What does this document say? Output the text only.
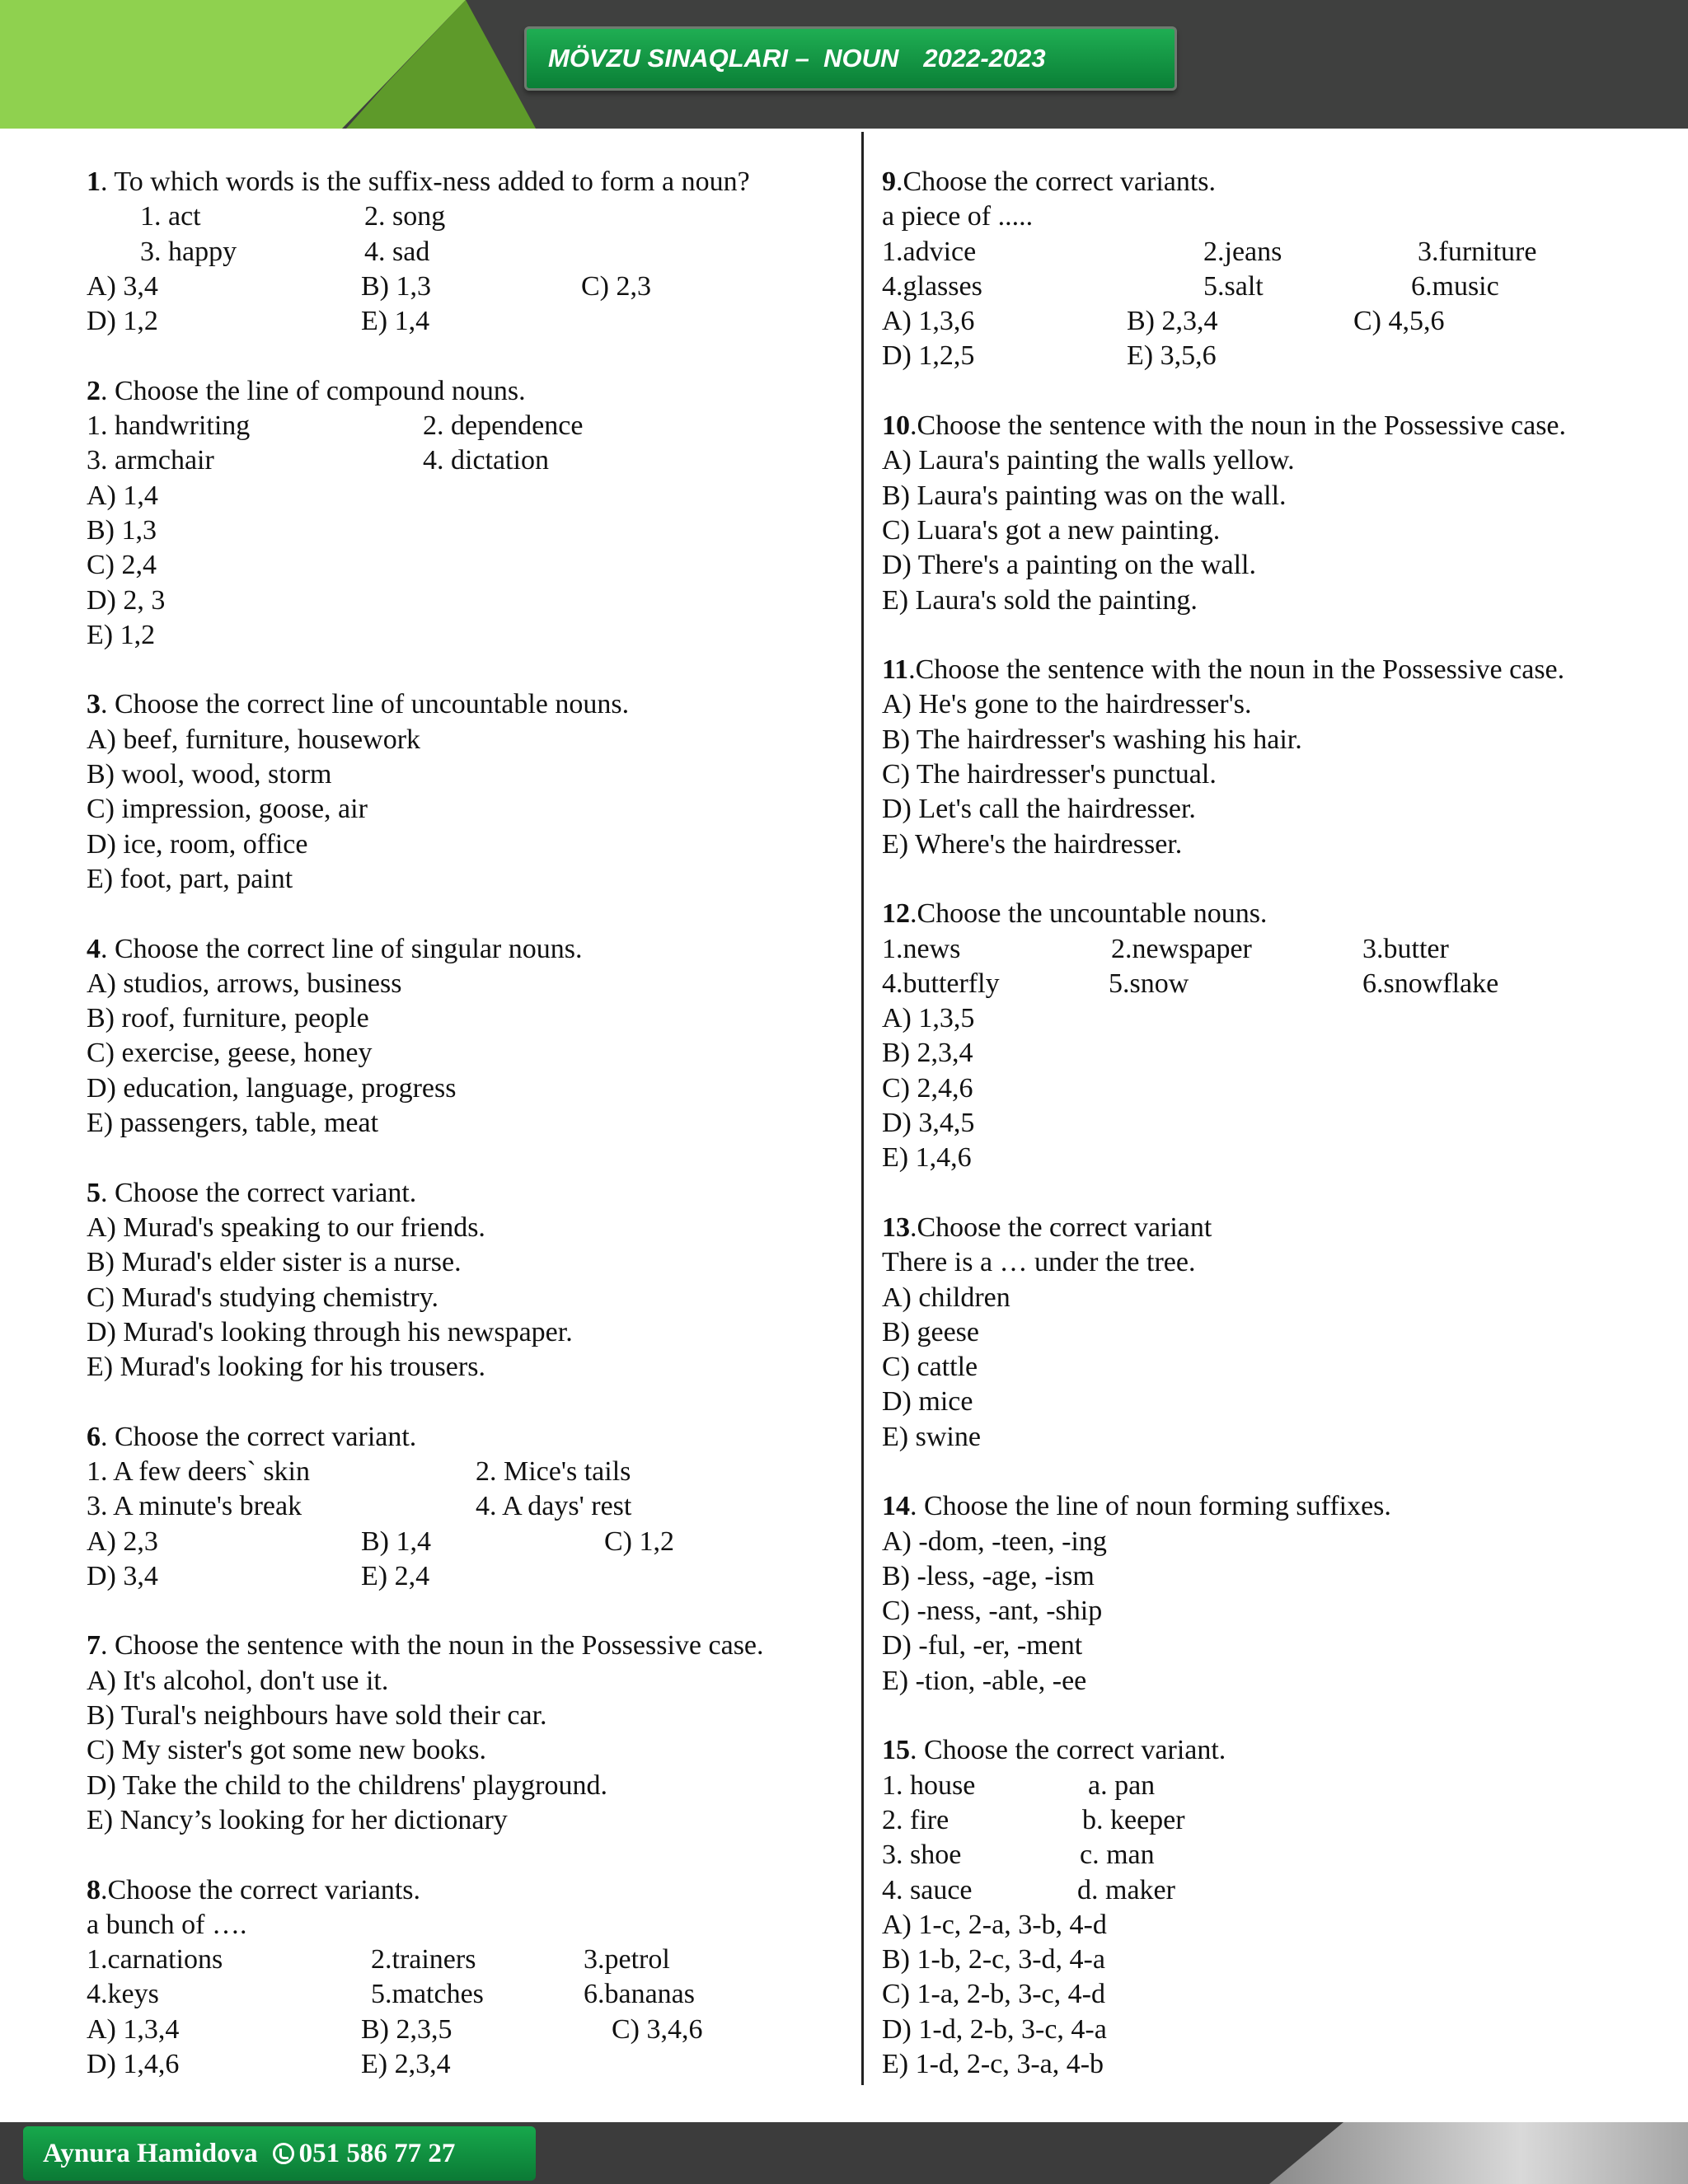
MÖVZU SINAQLARI –  NOUN 2022-2023
1. To which words is the suffix-ness added to form a noun?
1. act	2. song
3. happy	4. sad
A) 3,4	B) 1,3	C) 2,3
D) 1,2	E) 1,4
2. Choose the line of compound nouns.
1. handwriting	2. dependence
3. armchair	4. dictation
A) 1,4
B) 1,3
C) 2,4
D) 2, 3
E) 1,2
3. Choose the correct line of uncountable nouns.
A) beef, furniture, housework
B) wool, wood, storm
C) impression, goose, air
D) ice, room, office
E) foot, part, paint
4. Choose the correct line of singular nouns.
A) studios, arrows, business
B) roof, furniture, people
C) exercise, geese, honey
D) education, language, progress
E) passengers, table, meat
5. Choose the correct variant.
A) Murad's speaking to our friends.
B) Murad's elder sister is a nurse.
C) Murad's studying chemistry.
D) Murad's looking through his newspaper.
E) Murad's looking for his trousers.
6. Choose the correct variant.
1. A few deers` skin	2. Mice's tails
3. A minute's break	4. A days' rest
A) 2,3	B) 1,4	C) 1,2
D) 3,4	E) 2,4
7. Choose the sentence with the noun in the Possessive case.
A) It's alcohol, don't use it.
B) Tural's neighbours have sold their car.
C) My sister's got some new books.
D) Take the child to the childrens' playground.
E) Nancy’s looking for her dictionary
8.Choose the correct variants.
a bunch of ….
1.carnations	2.trainers	3.petrol
4.keys	5.matches	6.bananas
A) 1,3,4	B) 2,3,5	C) 3,4,6
D) 1,4,6	E) 2,3,4
9.Choose the correct variants.
a piece of .....
1.advice	2.jeans	3.furniture
4.glasses	5.salt	6.music
A) 1,3,6	B) 2,3,4	C) 4,5,6
D) 1,2,5	E) 3,5,6
10.Choose the sentence with the noun in the Possessive case.
A) Laura's painting the walls yellow.
B) Laura's painting was on the wall.
C) Luara's got a new painting.
D) There's a painting on the wall.
E) Laura's sold the painting.
11.Choose the sentence with the noun in the Possessive case.
A) He's gone to the hairdresser's.
B) The hairdresser's washing his hair.
C) The hairdresser's punctual.
D) Let's call the hairdresser.
E) Where's the hairdresser.
12.Choose the uncountable nouns.
1.news	2.newspaper	3.butter
4.butterfly	5.snow	6.snowflake
A) 1,3,5
B) 2,3,4
C) 2,4,6
D) 3,4,5
E) 1,4,6
13.Choose the correct variant
There is a … under the tree.
A) children
B) geese
C) cattle
D) mice
E) swine
14. Choose the line of noun forming suffixes.
A) -dom, -teen, -ing
B) -less, -age, -ism
C) -ness, -ant, -ship
D) -ful, -er, -ment
E) -tion, -able, -ee
15. Choose the correct variant.
1. house	a. pan
2. fire	b. keeper
3. shoe	c. man
4. sauce	d. maker
A) 1-c, 2-a, 3-b, 4-d
B) 1-b, 2-c, 3-d, 4-a
C) 1-a, 2-b, 3-c, 4-d
D) 1-d, 2-b, 3-c, 4-a
E) 1-d, 2-c, 3-a, 4-b
Aynura Hamidova 051 586 77 27
